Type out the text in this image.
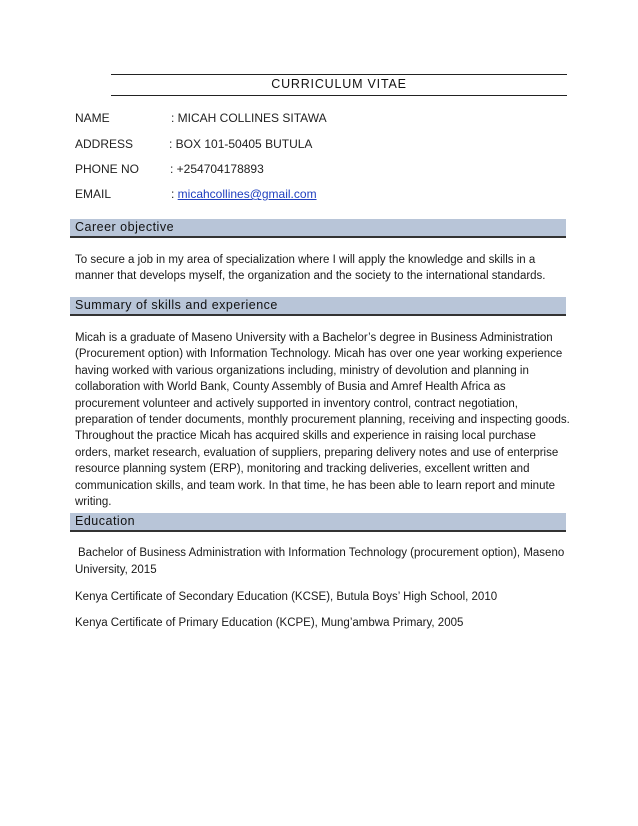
CURRICULUM VITAE
NAME	: MICAH COLLINES SITAWA
ADDRESS	: BOX 101-50405 BUTULA
PHONE NO	: +254704178893
EMAIL	: micahcollines@gmail.com
Career objective
To secure a job in my area of specialization where I will apply the knowledge and skills in a manner that develops myself, the organization and the society to the international standards.
Summary of skills and experience
Micah is a graduate of Maseno University with a Bachelor’s degree in Business Administration (Procurement option) with Information Technology. Micah has over one year working experience having worked with various organizations including, ministry of devolution and planning in collaboration with World Bank, County Assembly of Busia and Amref Health Africa as procurement volunteer and actively supported in inventory control, contract negotiation, preparation of tender documents, monthly procurement planning, receiving and inspecting goods. Throughout the practice Micah has acquired skills and experience in raising local purchase orders, market research, evaluation of suppliers, preparing delivery notes and use of enterprise resource planning system (ERP), monitoring and tracking deliveries, excellent written and communication skills, and team work. In that time, he has been able to learn report and minute writing.
Education
Bachelor of Business Administration with Information Technology (procurement option), Maseno University, 2015
Kenya Certificate of Secondary Education (KCSE), Butula Boys’ High School, 2010
Kenya Certificate of Primary Education (KCPE), Mung’ambwa Primary, 2005
